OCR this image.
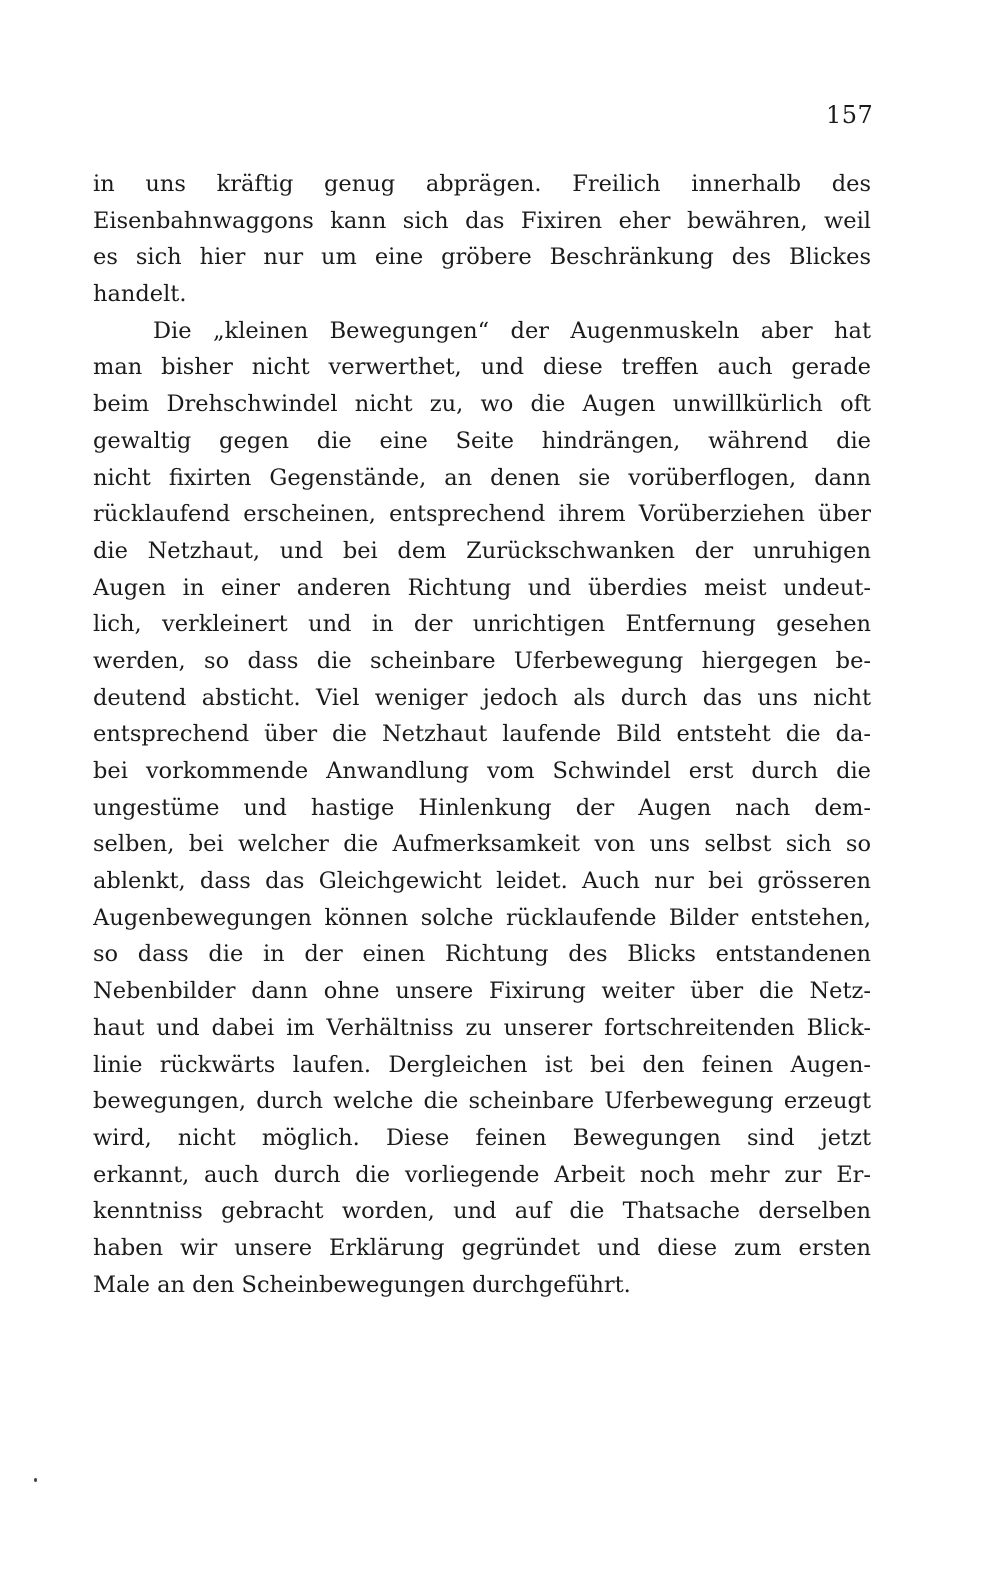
157
in uns kräftig genug abprägen. Freilich innerhalb des
Eisenbahnwaggons kann sich das Fixiren eher bewähren, weil
es sich hier nur um eine gröbere Beschränkung des Blickes
handelt.
Die „kleinen Bewegungen“ der Augenmuskeln aber hat
man bisher nicht verwerthet, und diese treffen auch gerade
beim Drehschwindel nicht zu, wo die Augen unwillkürlich oft
gewaltig gegen die eine Seite hindrängen, während die
nicht fixirten Gegenstände, an denen sie vorüberflogen, dann
rücklaufend erscheinen, entsprechend ihrem Vorüberziehen über
die Netzhaut, und bei dem Zurückschwanken der unruhigen
Augen in einer anderen Richtung und überdies meist undeut-
lich, verkleinert und in der unrichtigen Entfernung gesehen
werden, so dass die scheinbare Uferbewegung hiergegen be-
deutend absticht. Viel weniger jedoch als durch das uns nicht
entsprechend über die Netzhaut laufende Bild entsteht die da-
bei vorkommende Anwandlung vom Schwindel erst durch die
ungestüme und hastige Hinlenkung der Augen nach dem-
selben, bei welcher die Aufmerksamkeit von uns selbst sich so
ablenkt, dass das Gleichgewicht leidet. Auch nur bei grösseren
Augenbewegungen können solche rücklaufende Bilder entstehen,
so dass die in der einen Richtung des Blicks entstandenen
Nebenbilder dann ohne unsere Fixirung weiter über die Netz-
haut und dabei im Verhältniss zu unserer fortschreitenden Blick-
linie rückwärts laufen. Dergleichen ist bei den feinen Augen-
bewegungen, durch welche die scheinbare Uferbewegung erzeugt
wird, nicht möglich. Diese feinen Bewegungen sind jetzt
erkannt, auch durch die vorliegende Arbeit noch mehr zur Er-
kenntniss gebracht worden, und auf die Thatsache derselben
haben wir unsere Erklärung gegründet und diese zum ersten
Male an den Scheinbewegungen durchgeführt.
